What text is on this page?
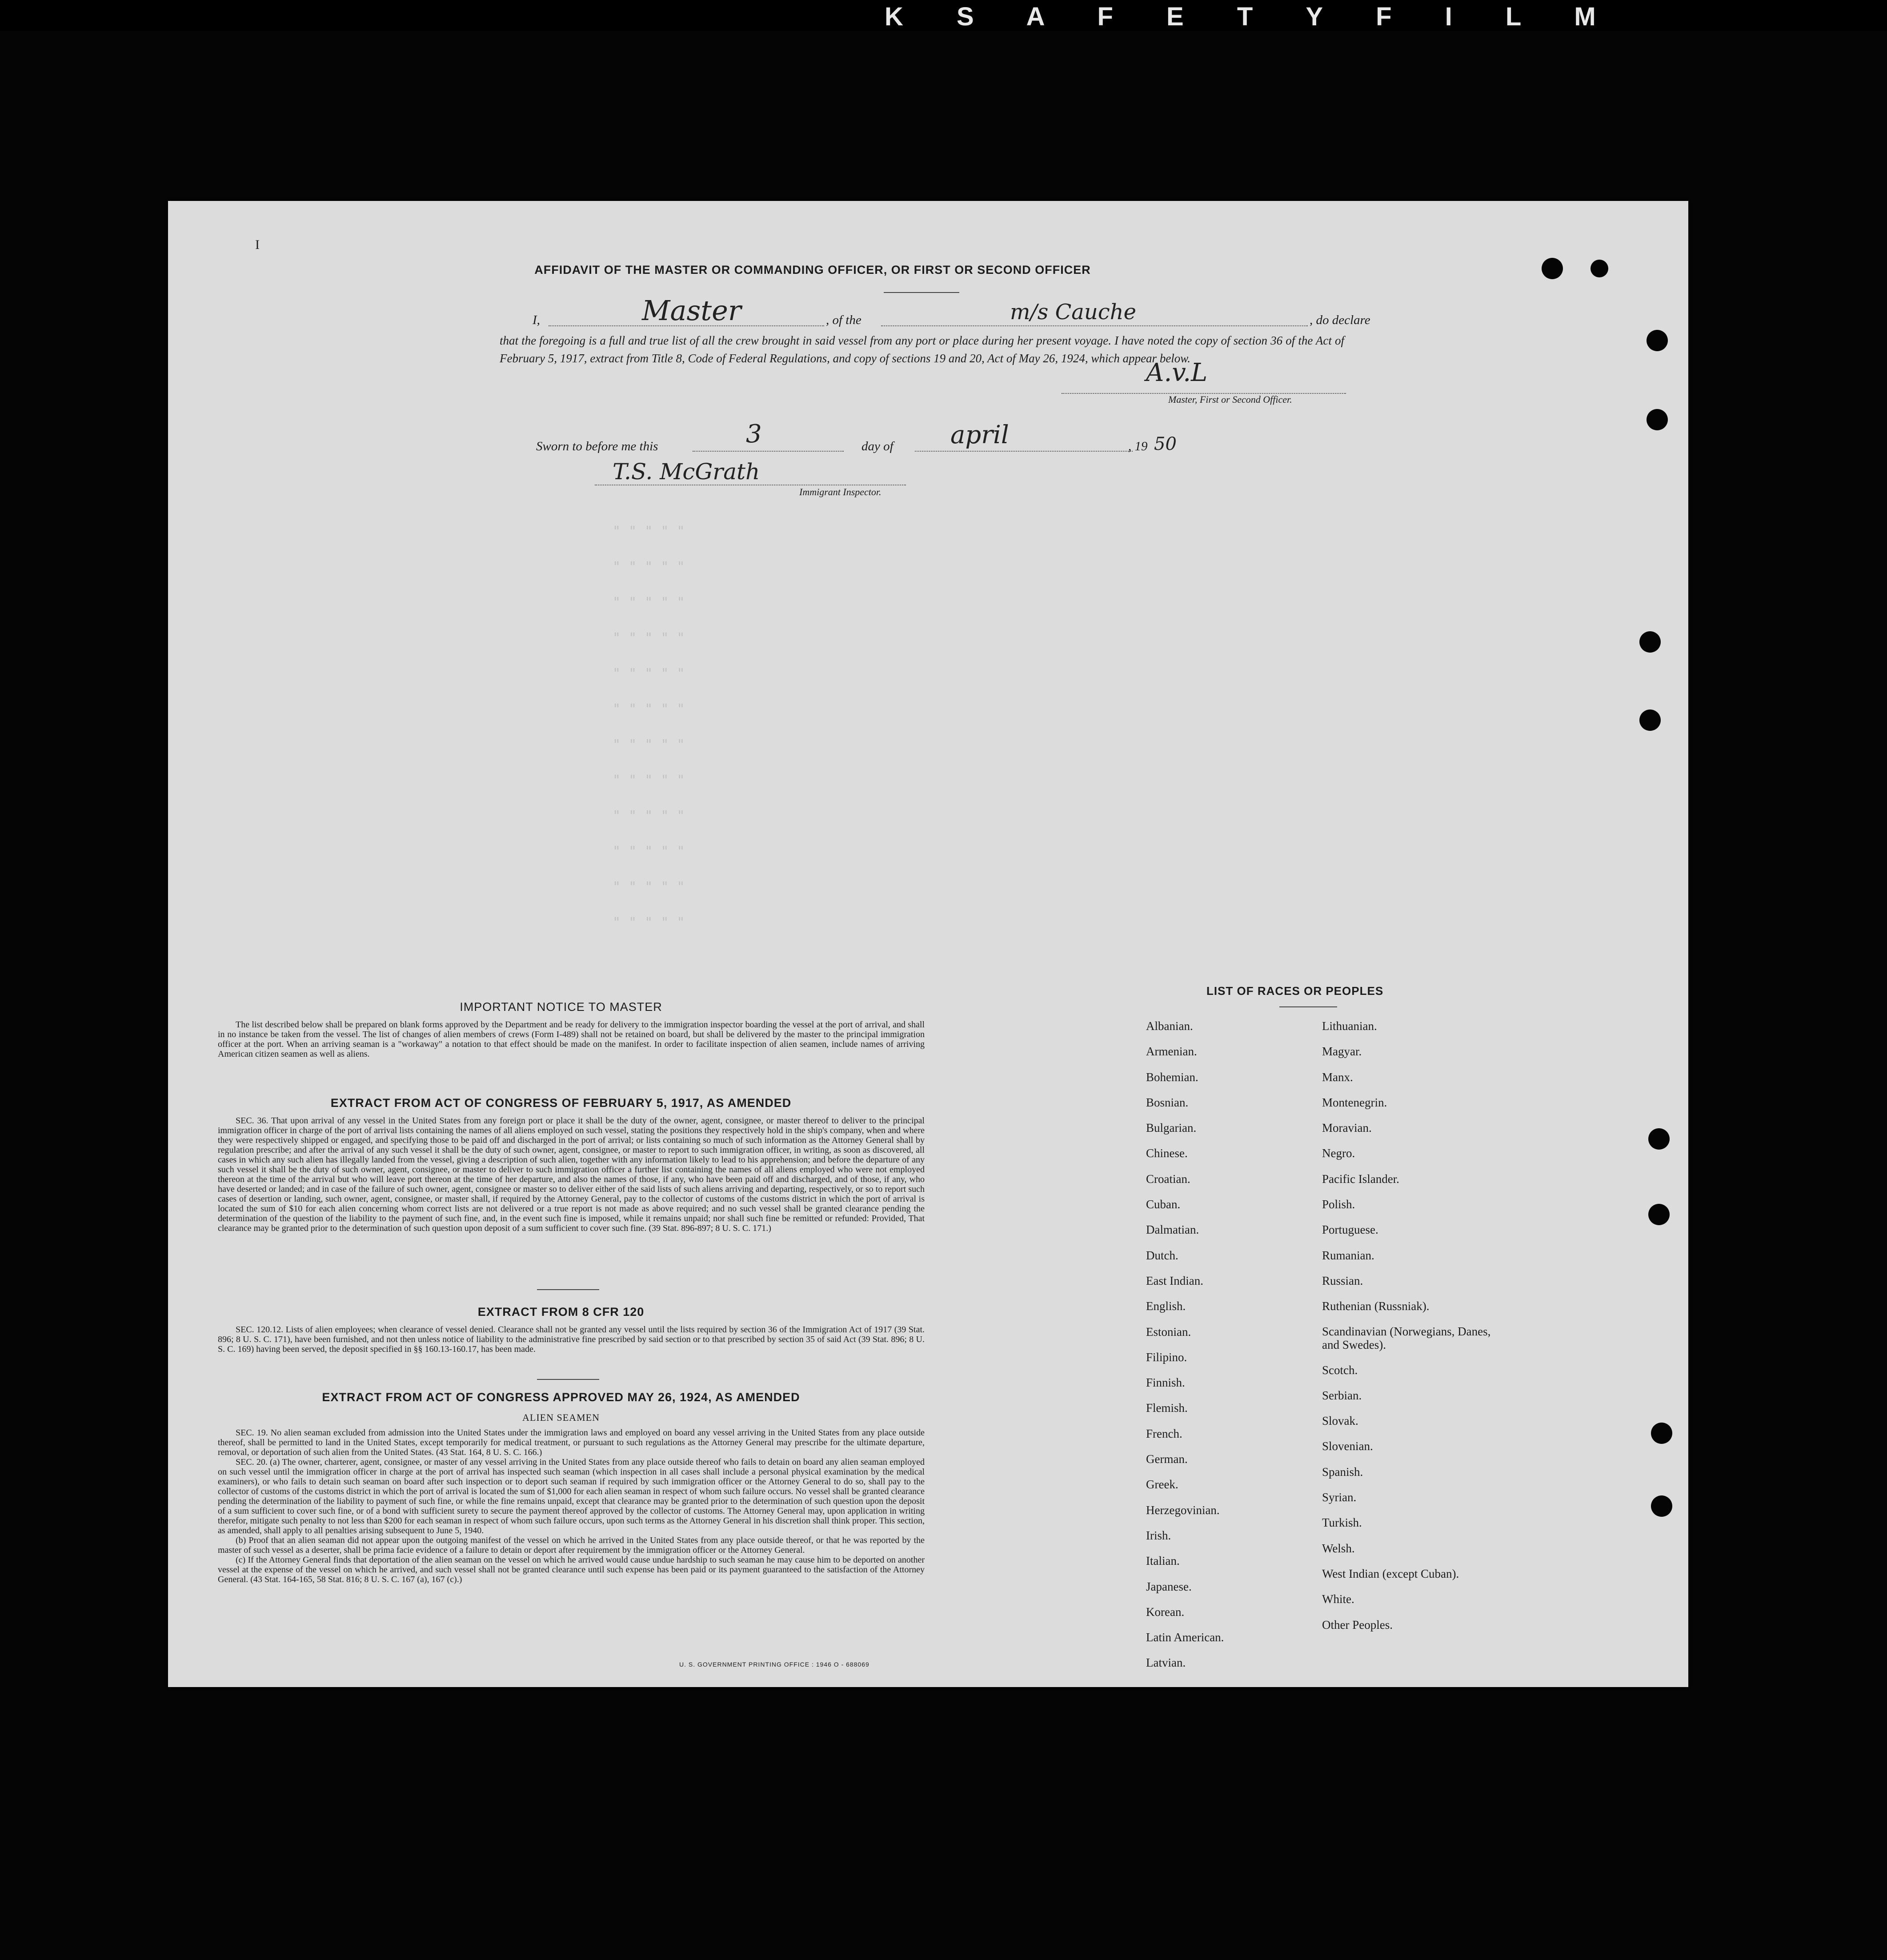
K S A F E T Y F I L M
I
" " " " "
" " " " "
" " " " "
" " " " "
" " " " "
" " " " "
" " " " "
" " " " "
" " " " "
" " " " "
" " " " "
" " " " "
AFFIDAVIT OF THE MASTER OR COMMANDING OFFICER, OR FIRST OR SECOND OFFICER
I,	Master	, of the	m/s Cauche	, do declare
that the foregoing is a full and true list of all the crew brought in said vessel from any port or place during her present voyage. I have noted the copy of section 36 of the Act of February 5, 1917, extract from Title 8, Code of Federal Regulations, and copy of sections 19 and 20, Act of May 26, 1924, which appear below.
A.v.L
Master, First or Second Officer.
Sworn to before me this	3	day of april	, 19 50
T.S. McGrath
Immigrant Inspector.
IMPORTANT NOTICE TO MASTER
The list described below shall be prepared on blank forms approved by the Department and be ready for delivery to the immigration inspector boarding the vessel at the port of arrival, and shall in no instance be taken from the vessel. The list of changes of alien members of crews (Form I-489) shall not be retained on board, but shall be delivered by the master to the principal immigration officer at the port. When an arriving seaman is a "workaway" a notation to that effect should be made on the manifest. In order to facilitate inspection of alien seamen, include names of arriving American citizen seamen as well as aliens.
EXTRACT FROM ACT OF CONGRESS OF FEBRUARY 5, 1917, AS AMENDED
SEC. 36. That upon arrival of any vessel in the United States from any foreign port or place it shall be the duty of the owner, agent, consignee, or master thereof to deliver to the principal immigration officer in charge of the port of arrival lists containing the names of all aliens employed on such vessel, stating the positions they respectively hold in the ship's company, when and where they were respectively shipped or engaged, and specifying those to be paid off and discharged in the port of arrival; or lists containing so much of such information as the Attorney General shall by regulation prescribe; and after the arrival of any such vessel it shall be the duty of such owner, agent, consignee, or master to report to such immigration officer, in writing, as soon as discovered, all cases in which any such alien has illegally landed from the vessel, giving a description of such alien, together with any information likely to lead to his apprehension; and before the departure of any such vessel it shall be the duty of such owner, agent, consignee, or master to deliver to such immigration officer a further list containing the names of all aliens employed who were not employed thereon at the time of the arrival but who will leave port thereon at the time of her departure, and also the names of those, if any, who have been paid off and discharged, and of those, if any, who have deserted or landed; and in case of the failure of such owner, agent, consignee or master so to deliver either of the said lists of such aliens arriving and departing, respectively, or so to report such cases of desertion or landing, such owner, agent, consignee, or master shall, if required by the Attorney General, pay to the collector of customs of the customs district in which the port of arrival is located the sum of $10 for each alien concerning whom correct lists are not delivered or a true report is not made as above required; and no such vessel shall be granted clearance pending the determination of the question of the liability to the payment of such fine, and, in the event such fine is imposed, while it remains unpaid; nor shall such fine be remitted or refunded: Provided, That clearance may be granted prior to the determination of such question upon deposit of a sum sufficient to cover such fine. (39 Stat. 896-897; 8 U. S. C. 171.)
EXTRACT FROM 8 CFR 120
SEC. 120.12. Lists of alien employees; when clearance of vessel denied. Clearance shall not be granted any vessel until the lists required by section 36 of the Immigration Act of 1917 (39 Stat. 896; 8 U. S. C. 171), have been furnished, and not then unless notice of liability to the administrative fine prescribed by said section or to that prescribed by section 35 of said Act (39 Stat. 896; 8 U. S. C. 169) having been served, the deposit specified in §§ 160.13-160.17, has been made.
EXTRACT FROM ACT OF CONGRESS APPROVED MAY 26, 1924, AS AMENDED
ALIEN SEAMEN
SEC. 19. No alien seaman excluded from admission into the United States under the immigration laws and employed on board any vessel arriving in the United States from any place outside thereof, shall be permitted to land in the United States, except temporarily for medical treatment, or pursuant to such regulations as the Attorney General may prescribe for the ultimate departure, removal, or deportation of such alien from the United States. (43 Stat. 164, 8 U. S. C. 166.)
SEC. 20. (a) The owner, charterer, agent, consignee, or master of any vessel arriving in the United States from any place outside thereof who fails to detain on board any alien seaman employed on such vessel until the immigration officer in charge at the port of arrival has inspected such seaman (which inspection in all cases shall include a personal physical examination by the medical examiners), or who fails to detain such seaman on board after such inspection or to deport such seaman if required by such immigration officer or the Attorney General to do so, shall pay to the collector of customs of the customs district in which the port of arrival is located the sum of $1,000 for each alien seaman in respect of whom such failure occurs. No vessel shall be granted clearance pending the determination of the liability to payment of such fine, or while the fine remains unpaid, except that clearance may be granted prior to the determination of such question upon the deposit of a sum sufficient to cover such fine, or of a bond with sufficient surety to secure the payment thereof approved by the collector of customs. The Attorney General may, upon application in writing therefor, mitigate such penalty to not less than $200 for each seaman in respect of whom such failure occurs, upon such terms as the Attorney General in his discretion shall think proper. This section, as amended, shall apply to all penalties arising subsequent to June 5, 1940.
(b) Proof that an alien seaman did not appear upon the outgoing manifest of the vessel on which he arrived in the United States from any place outside thereof, or that he was reported by the master of such vessel as a deserter, shall be prima facie evidence of a failure to detain or deport after requirement by the immigration officer or the Attorney General.
(c) If the Attorney General finds that deportation of the alien seaman on the vessel on which he arrived would cause undue hardship to such seaman he may cause him to be deported on another vessel at the expense of the vessel on which he arrived, and such vessel shall not be granted clearance until such expense has been paid or its payment guaranteed to the satisfaction of the Attorney General. (43 Stat. 164-165, 58 Stat. 816; 8 U. S. C. 167 (a), 167 (c).)
U. S. GOVERNMENT PRINTING OFFICE : 1946 O - 688069
LIST OF RACES OR PEOPLES
Albanian.
Armenian.
Bohemian.
Bosnian.
Bulgarian.
Chinese.
Croatian.
Cuban.
Dalmatian.
Dutch.
East Indian.
English.
Estonian.
Filipino.
Finnish.
Flemish.
French.
German.
Greek.
Herzegovinian.
Irish.
Italian.
Japanese.
Korean.
Latin American.
Latvian.
Lithuanian.
Magyar.
Manx.
Montenegrin.
Moravian.
Negro.
Pacific Islander.
Polish.
Portuguese.
Rumanian.
Russian.
Ruthenian (Russniak).
Scandinavian (Norwegians, Danes, and Swedes).
Scotch.
Serbian.
Slovak.
Slovenian.
Spanish.
Syrian.
Turkish.
Welsh.
West Indian (except Cuban).
White.
Other Peoples.
